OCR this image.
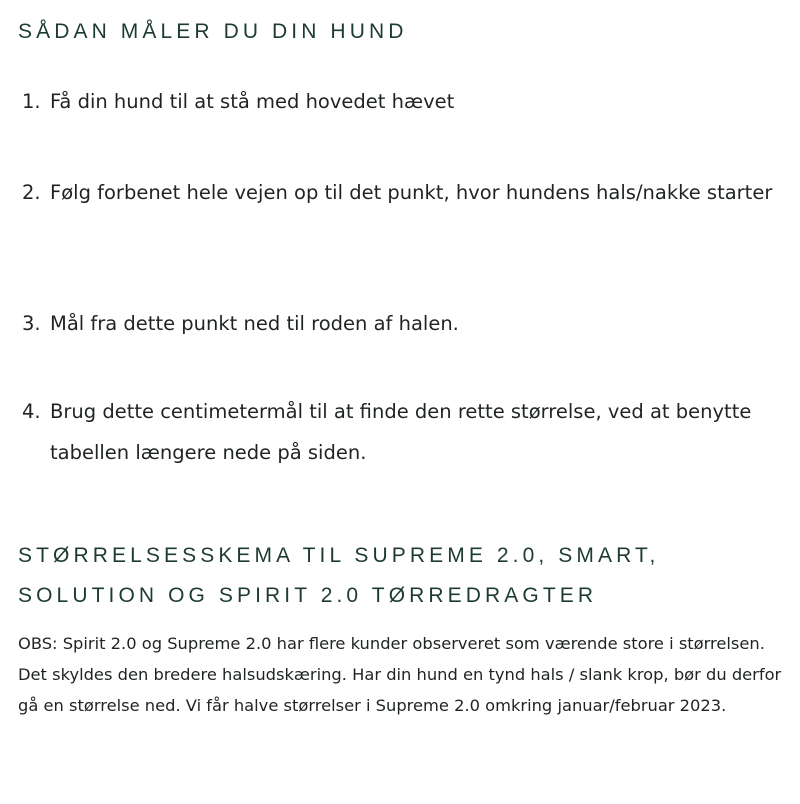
SÅDAN MÅLER DU DIN HUND
1. Få din hund til at stå med hovedet hævet
2. Følg forbenet hele vejen op til det punkt, hvor hundens hals/nakke starter
3. Mål fra dette punkt ned til roden af halen.
4. Brug dette centimetermål til at finde den rette størrelse, ved at benytte tabellen længere nede på siden.
STØRRELSESSKEMA TIL SUPREME 2.0, SMART,
SOLUTION OG SPIRIT 2.0 TØRREDRAGTER

OBS: Spirit 2.0 og Supreme 2.0 har flere kunder observeret som værende store i størrelsen. Det skyldes den bredere halsudskæring. Har din hund en tynd hals / slank krop, bør du derfor gå en størrelse ned. Vi får halve størrelser i Supreme 2.0 omkring januar/februar 2023.
